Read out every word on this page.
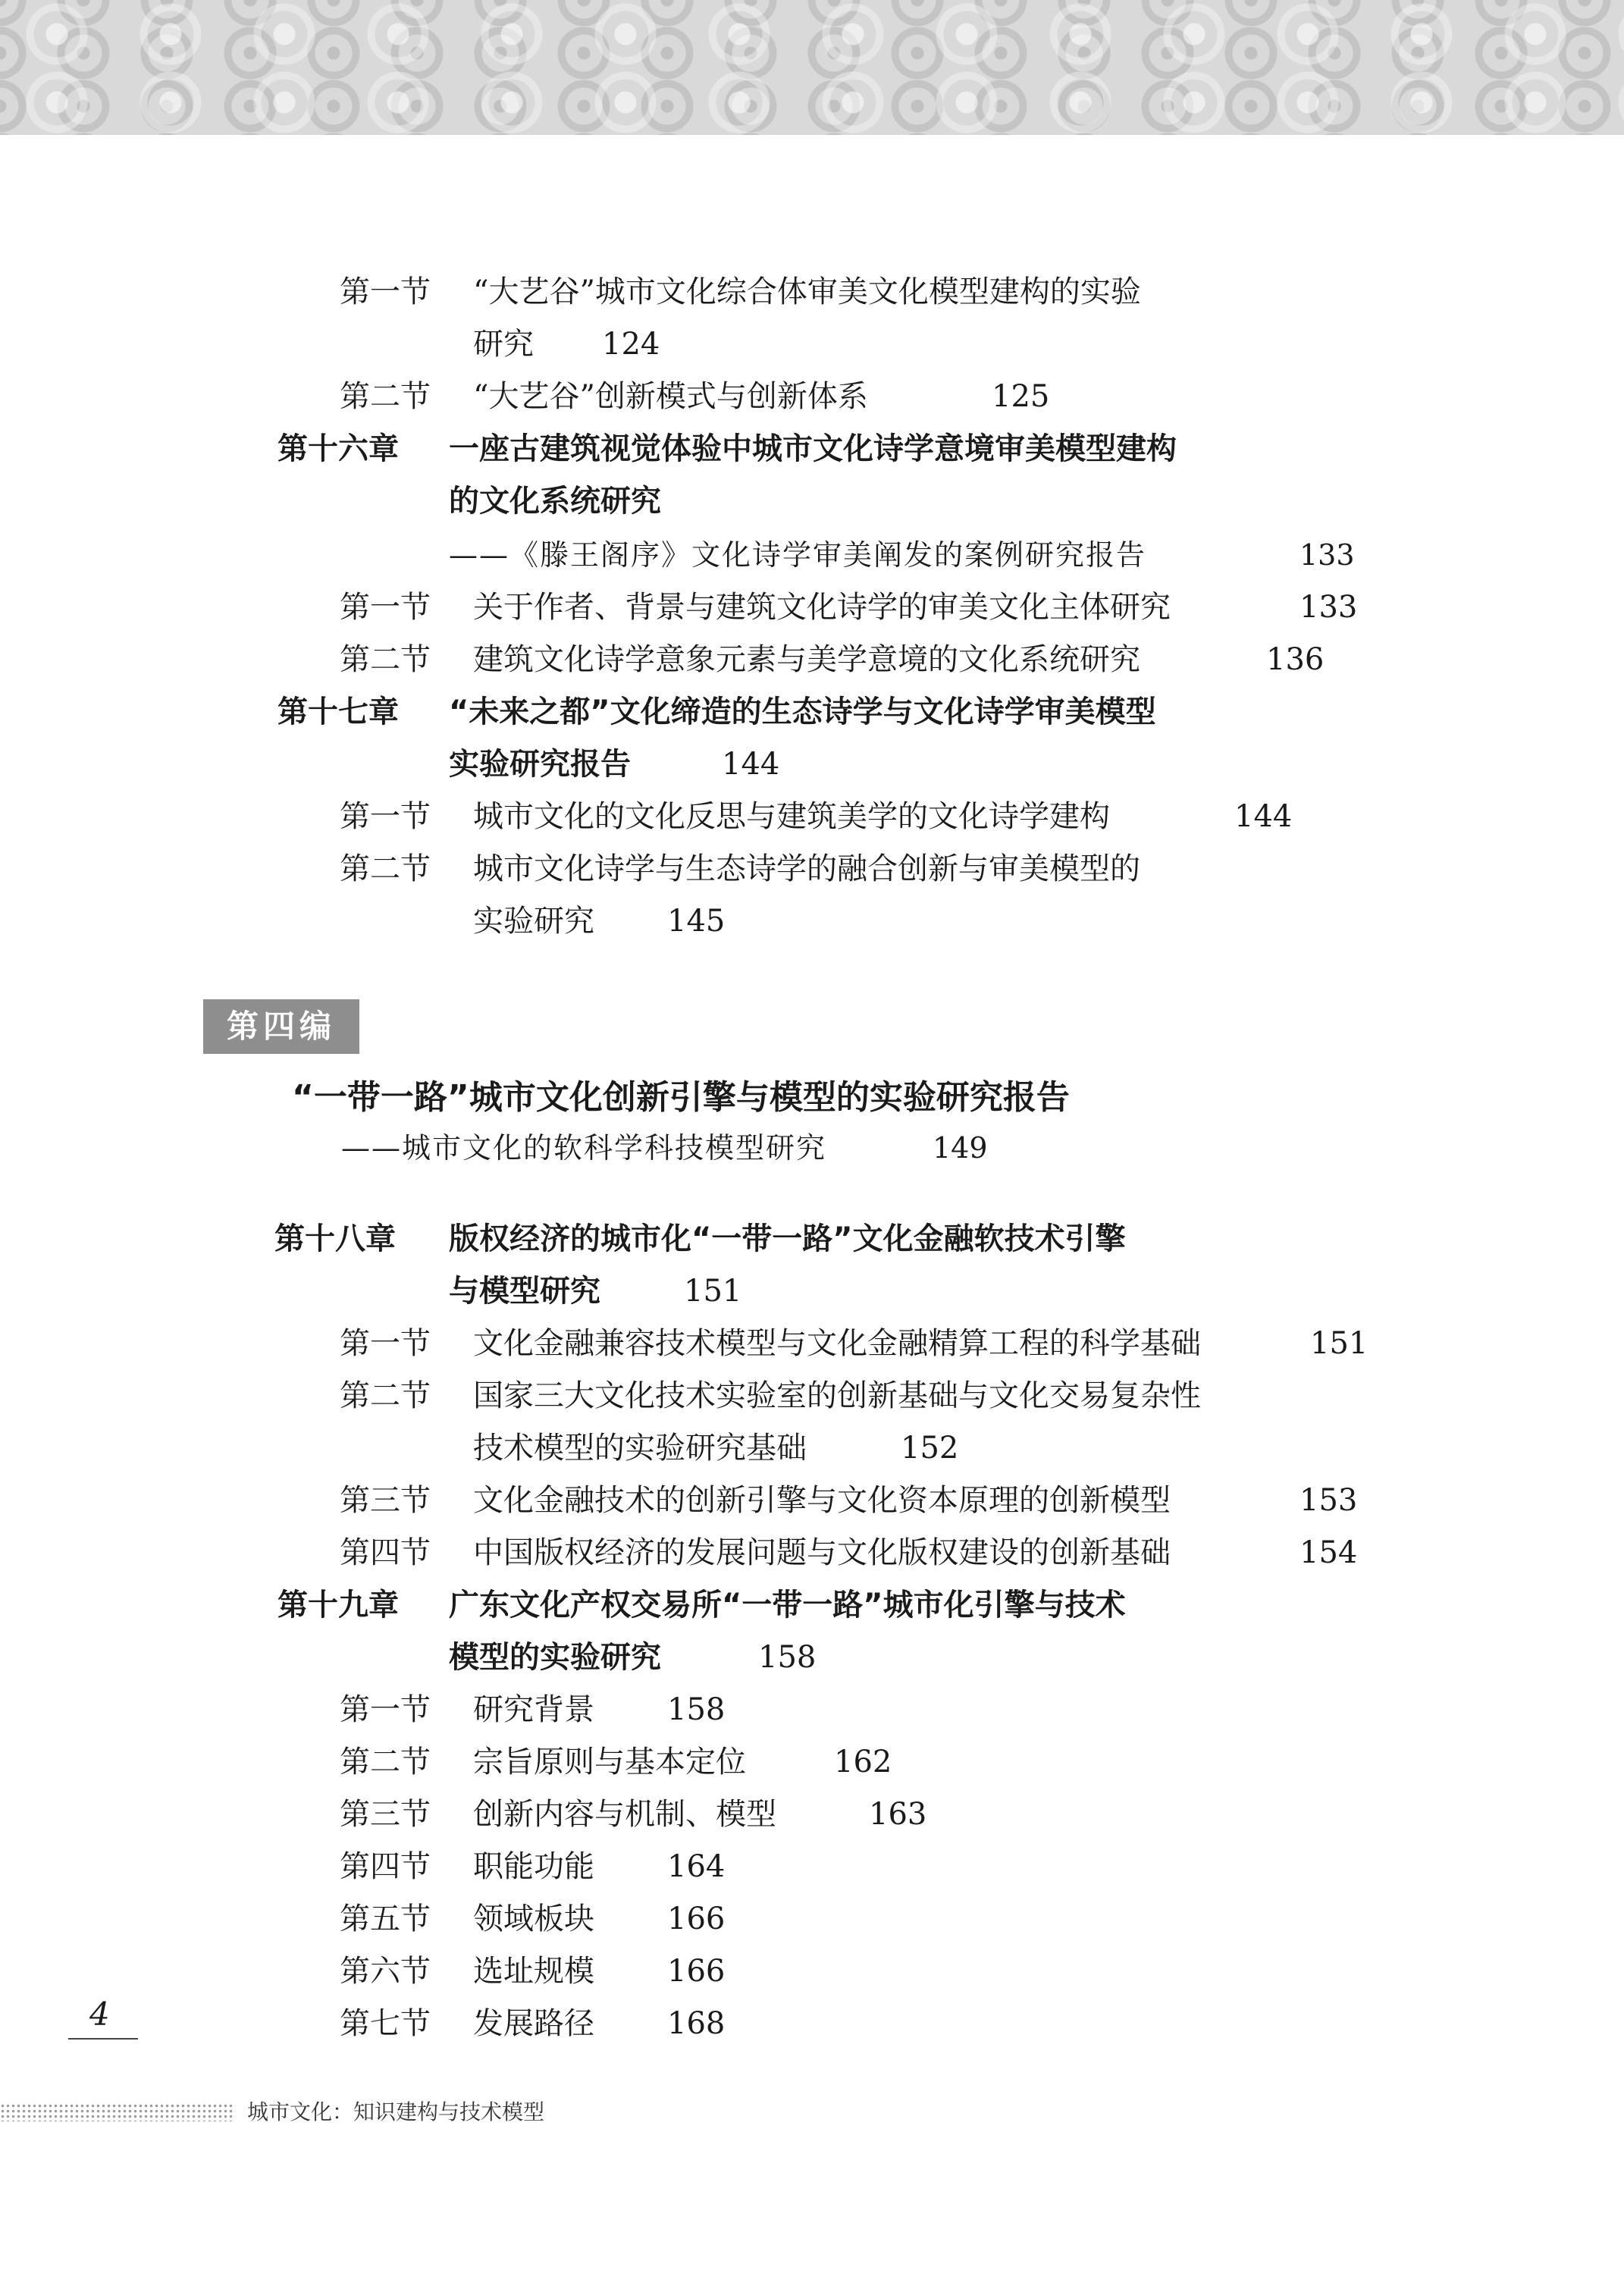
第一节 “大艺谷”城市文化综合体审美文化模型建构的实验
研究 124
第二节 “大艺谷”创新模式与创新体系	125
第十六章 一座古建筑视觉体验中城市文化诗学意境审美模型建构
的文化系统研究
——《滕王阁序》文化诗学审美阐发的案例研究报告	133
第一节 关于作者、背景与建筑文化诗学的审美文化主体研究	133
第二节 建筑文化诗学意象元素与美学意境的文化系统研究	136
第十七章 “未来之都”文化缔造的生态诗学与文化诗学审美模型
实验研究报告	144
第一节 城市文化的文化反思与建筑美学的文化诗学建构	144
第二节 城市文化诗学与生态诗学的融合创新与审美模型的
实验研究 145
第四编
“一带一路”城市文化创新引擎与模型的实验研究报告
——城市文化的软科学科技模型研究	149
第十八章 版权经济的城市化“一带一路”文化金融软技术引擎
与模型研究	151
第一节 文化金融兼容技术模型与文化金融精算工程的科学基础	151
第二节 国家三大文化技术实验室的创新基础与文化交易复杂性
技术模型的实验研究基础	152
第三节 文化金融技术的创新引擎与文化资本原理的创新模型	153
第四节 中国版权经济的发展问题与文化版权建设的创新基础	154
第十九章 广东文化产权交易所“一带一路”城市化引擎与技术
模型的实验研究	158
第一节 研究背景 158
第二节 宗旨原则与基本定位	162
第三节 创新内容与机制、模型	163
第四节 职能功能 164
第五节 领域板块 166
第六节 选址规模 166
第七节 发展路径 168
4
城市文化：知识建构与技术模型
